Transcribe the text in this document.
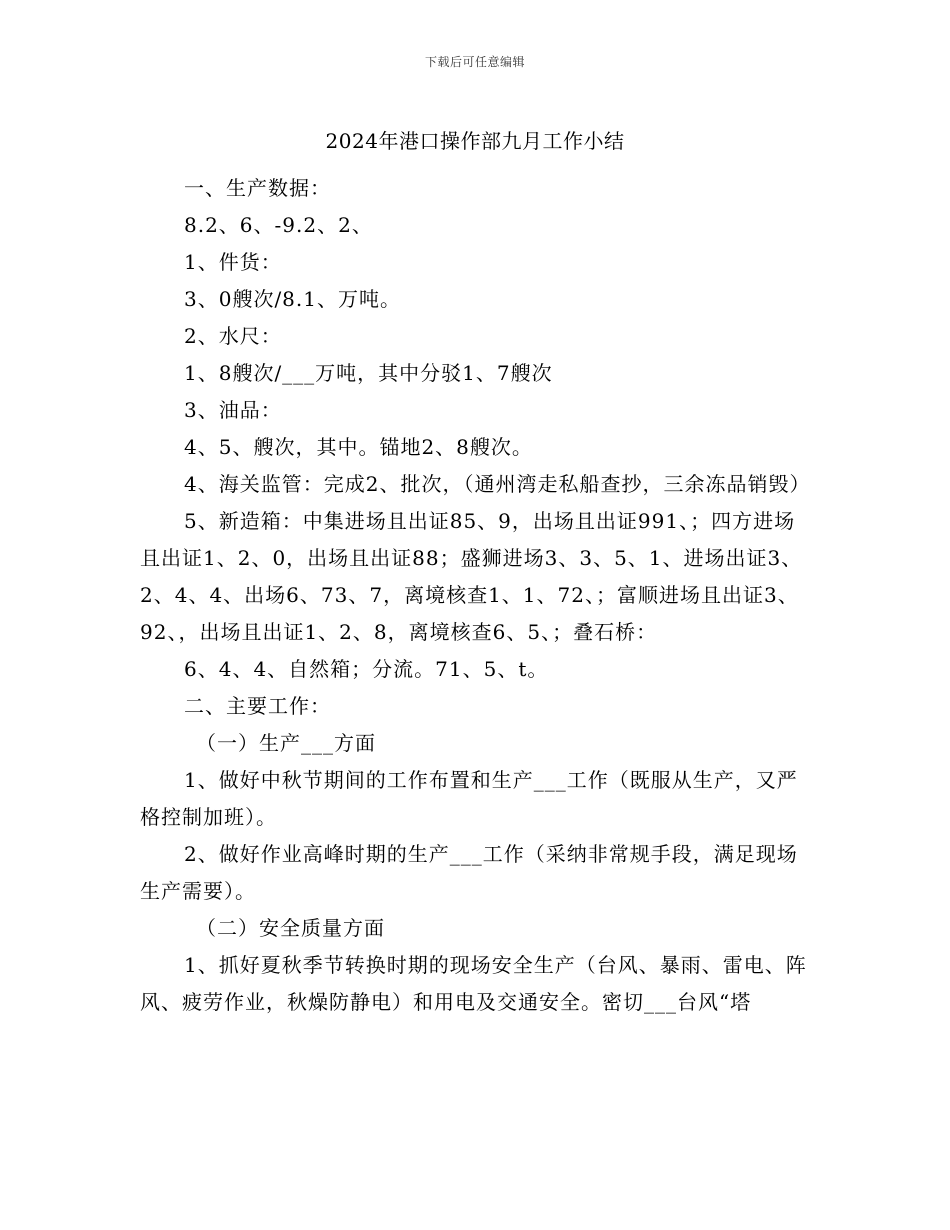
下载后可任意编辑
2024年港口操作部九月工作小结

一、生产数据：

8.2、6、-9.2、2、

1、件货：

3、0艘次/8.1、万吨。

2、水尺：

1、8艘次/___万吨，其中分驳1、7艘次

3、油品：

4、5、艘次，其中。锚地2、8艘次。

4、海关监管：完成2、批次，（通州湾走私船查抄，三余冻品销毁）

5、新造箱：中集进场且出证85、9，出场且出证991、；四方进场且出证1、2、0，出场且出证88；盛狮进场3、3、5、1、进场出证3、2、4、4、出场6、73、7，离境核查1、1、72、；富顺进场且出证3、92、，出场且出证1、2、8，离境核查6、5、；叠石桥：

6、4、4、自然箱；分流。71、5、t。

二、主要工作：

（一）生产___方面

1、做好中秋节期间的工作布置和生产___工作（既服从生产，又严格控制加班）。

2、做好作业高峰时期的生产___工作（采纳非常规手段，满足现场生产需要）。

（二）安全质量方面

1、抓好夏秋季节转换时期的现场安全生产（台风、暴雨、雷电、阵风、疲劳作业，秋燥防静电）和用电及交通安全。密切___台风“塔
